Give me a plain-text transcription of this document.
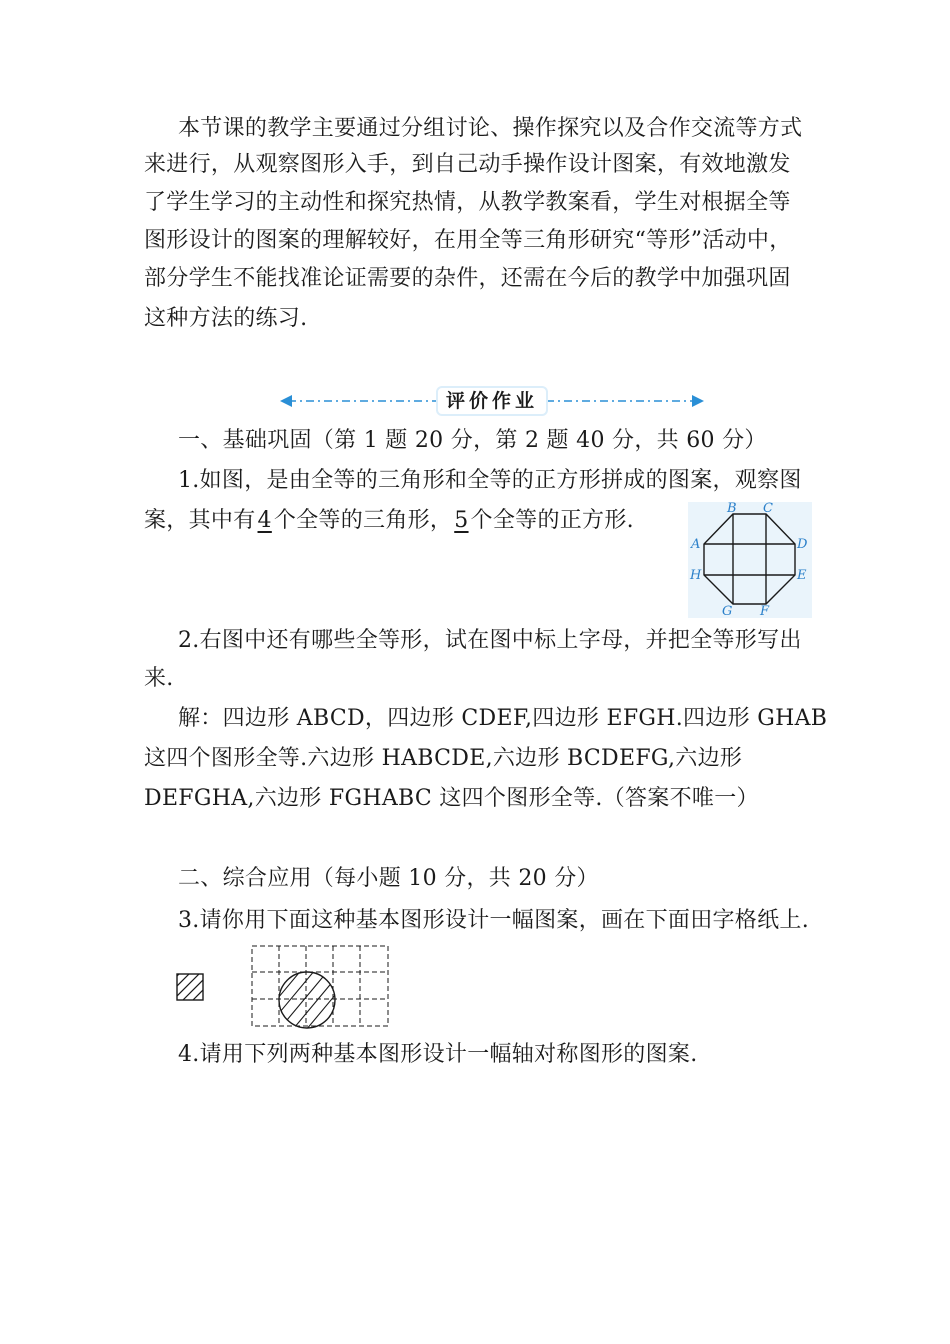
本节课的教学主要通过分组讨论、操作探究以及合作交流等方式
来进行，从观察图形入手，到自己动手操作设计图案，有效地激发
了学生学习的主动性和探究热情，从教学教案看，学生对根据全等
图形设计的图案的理解较好，在用全等三角形研究“等形”活动中，
部分学生不能找准论证需要的杂件，还需在今后的教学中加强巩固
这种方法的练习.
评价作业
一、基础巩固（第 1 题 20 分，第 2 题 40 分，共 60 分）
1.如图，是由全等的三角形和全等的正方形拼成的图案，观察图
案，其中有4个全等的三角形，5个全等的正方形.	B C
A	D
H	E
G F
2.右图中还有哪些全等形，试在图中标上字母，并把全等形写出
来.
解：四边形 ABCD，四边形 CDEF,四边形 EFGH.四边形 GHAB
这四个图形全等.六边形 HABCDE,六边形 BCDEFG,六边形
DEFGHA,六边形 FGHABC 这四个图形全等.（答案不唯一）
二、综合应用（每小题 10 分，共 20 分）
3.请你用下面这种基本图形设计一幅图案，画在下面田字格纸上.
4.请用下列两种基本图形设计一幅轴对称图形的图案.
